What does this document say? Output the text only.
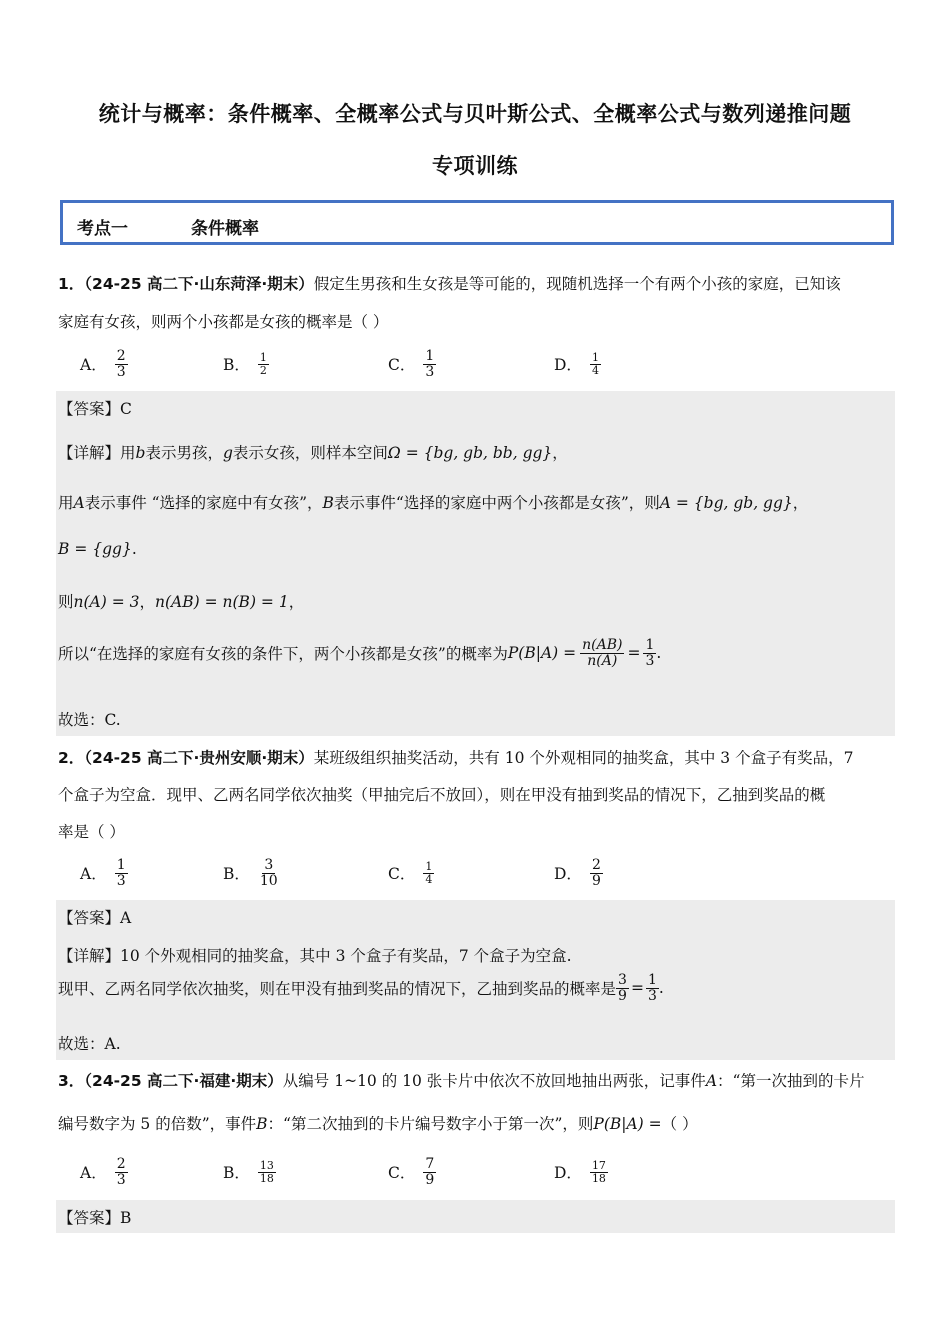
统计与概率：条件概率、全概率公式与贝叶斯公式、全概率公式与数列递推问题
专项训练
考点一	条件概率
1．（24-25 高二下·山东菏泽·期末）假定生男孩和生女孩是等可能的，现随机选择一个有两个小孩的家庭，已知该
家庭有女孩，则两个小孩都是女孩的概率是（ ）
A． $\frac{2}{3}$	B． $\frac{1}{2}$	C． $\frac{1}{3}$	D． $\frac{1}{4}$
【答案】C
【详解】用b表示男孩，g表示女孩，则样本空间Ω = {bg, gb, bb, gg}，
用A表示事件 “选择的家庭中有女孩”，B表示事件“选择的家庭中两个小孩都是女孩”，则A = {bg, gb, gg}，
B = {gg}.
则n(A) = 3，n(AB) = n(B) = 1，
所以“在选择的家庭有女孩的条件下，两个小孩都是女孩”的概率为 $P(B|A) = \frac{n(AB)}{n(A)} = \frac{1}{3}$ .
故选：C.
2．（24-25 高二下·贵州安顺·期末）某班级组织抽奖活动，共有 10 个外观相同的抽奖盒，其中 3 个盒子有奖品，7
个盒子为空盒．现甲、乙两名同学依次抽奖（甲抽完后不放回），则在甲没有抽到奖品的情况下，乙抽到奖品的概
率是（ ）
A． $\frac{1}{3}$	B． $\frac{3}{10}$	C． $\frac{1}{4}$	D． $\frac{2}{9}$
【答案】A
【详解】10 个外观相同的抽奖盒，其中 3 个盒子有奖品，7 个盒子为空盒.
现甲、乙两名同学依次抽奖，则在甲没有抽到奖品的情况下，乙抽到奖品的概率是 $\frac{3}{9} = \frac{1}{3}$ .
故选：A.
3．（24-25 高二下·福建·期末）从编号 1~10 的 10 张卡片中依次不放回地抽出两张，记事件A：“第一次抽到的卡片
编号数字为 5 的倍数”，事件B：“第二次抽到的卡片编号数字小于第一次”，则P(B|A) =（ ）
A． $\frac{2}{3}$	B． $\frac{13}{18}$	C． $\frac{7}{9}$	D． $\frac{17}{18}$
【答案】B
